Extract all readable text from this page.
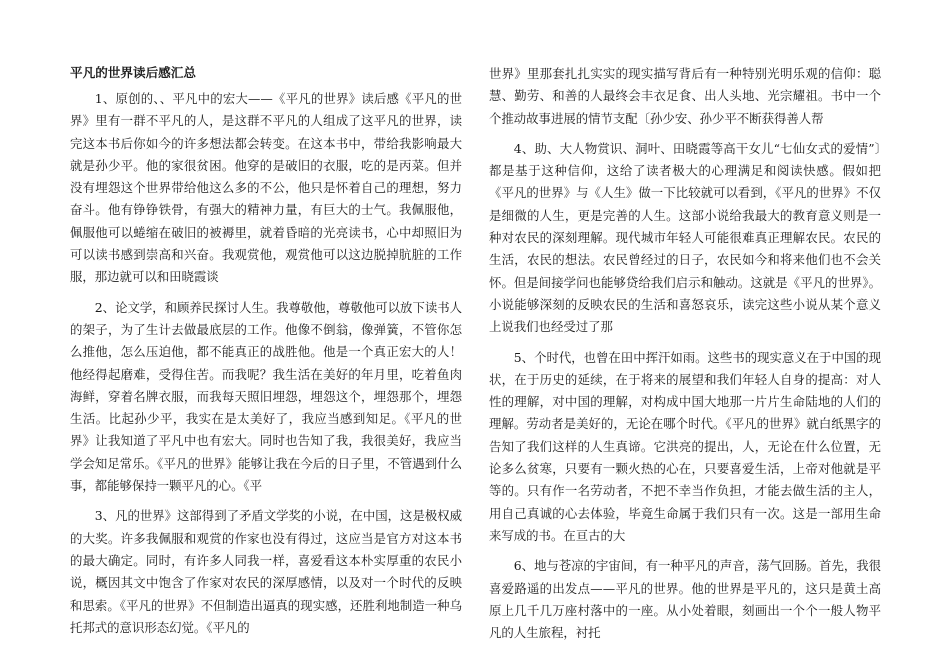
平凡的世界读后感汇总

1、原创的、、平凡中的宏大——《平凡的世界》读后感《平凡的世界》里有一群不平凡的人，是这群不平凡的人组成了这平凡的世界，读完这本书后你如今的许多想法都会转变。在这本书中，带给我影响最大就是孙少平。他的家很贫困。他穿的是破旧的衣服，吃的是丙菜。但并没有埋怨这个世界带给他这么多的不公，他只是怀着自己的理想，努力奋斗。他有铮铮铁骨，有强大的精神力量，有巨大的士气。我佩服他，佩服他可以蜷缩在破旧的被褥里，就着昏暗的光亮读书，心中却照旧为可以读书感到崇高和兴奋。我观赏他，观赏他可以这边脱掉肮脏的工作服，那边就可以和田晓霞谈

2、论文学，和顾养民探讨人生。我尊敬他，尊敬他可以放下读书人的架子，为了生计去做最底层的工作。他像不倒翁，像弹簧，不管你怎么推他，怎么压迫他，都不能真正的战胜他。他是一个真正宏大的人！他经得起磨难，受得住苦。而我呢？我生活在美好的年月里，吃着鱼肉海鲜，穿着名牌衣服，而我每天照旧埋怨，埋怨这个，埋怨那个，埋怨生活。比起孙少平，我实在是太美好了，我应当感到知足。《平凡的世界》让我知道了平凡中也有宏大。同时也告知了我，我很美好，我应当学会知足常乐。《平凡的世界》能够让我在今后的日子里，不管遇到什么事，都能够保持一颗平凡的心。《平

3、凡的世界》这部得到了矛盾文学奖的小说，在中国，这是极权威的大奖。许多我佩服和观赏的作家也没有得过，这应当是官方对这本书的最大确定。同时，有许多人同我一样，喜爱看这本朴实厚重的农民小说，概因其文中饱含了作家对农民的深厚感情，以及对一个时代的反映和思索。《平凡的世界》不但制造出逼真的现实感，还胜利地制造一种乌托邦式的意识形态幻觉。《平凡的

世界》里那套扎扎实实的现实描写背后有一种特别光明乐观的信仰：聪慧、勤劳、和善的人最终会丰衣足食、出人头地、光宗耀祖。书中一个个推动故事进展的情节支配〔孙少安、孙少平不断获得善人帮

4、助、大人物赏识、洞叶、田晓霞等高干女儿“七仙女式的爱情”〕都是基于这种信仰，这给了读者极大的心理满足和阅读快感。假如把《平凡的世界》与《人生》做一下比较就可以看到，《平凡的世界》不仅是细微的人生，更是完善的人生。这部小说给我最大的教育意义则是一种对农民的深刻理解。现代城市年轻人可能很难真正理解农民。农民的生活，农民的想法。农民曾经过的日子，农民如今和将来他们也不会关怀。但是间接学问也能够贷给我们启示和触动。这就是《平凡的世界》。小说能够深刻的反映农民的生活和喜怒哀乐，读完这些小说从某个意义上说我们也经受过了那

5、个时代，也曾在田中挥汗如雨。这些书的现实意义在于中国的现状，在于历史的延续，在于将来的展望和我们年轻人自身的提高：对人性的理解，对中国的理解，对构成中国大地那一片片生命陆地的人们的理解。劳动者是美好的，无论在哪个时代。《平凡的世界》就白纸黑字的告知了我们这样的人生真谛。它洪亮的提出，人，无论在什么位置，无论多么贫寒，只要有一颗火热的心在，只要喜爱生活，上帝对他就是平等的。只有作一名劳动者，不把不幸当作负担，才能去做生活的主人，用自己真诚的心去体验，毕竟生命属于我们只有一次。这是一部用生命来写成的书。在亘古的大

6、地与苍凉的宇宙间，有一种平凡的声音，荡气回肠。首先，我很喜爱路遥的出发点——平凡的世界。他的世界是平凡的，这只是黄土高原上几千几万座村落中的一座。从小处着眼，刻画出一个个一般人物平凡的人生旅程，衬托
